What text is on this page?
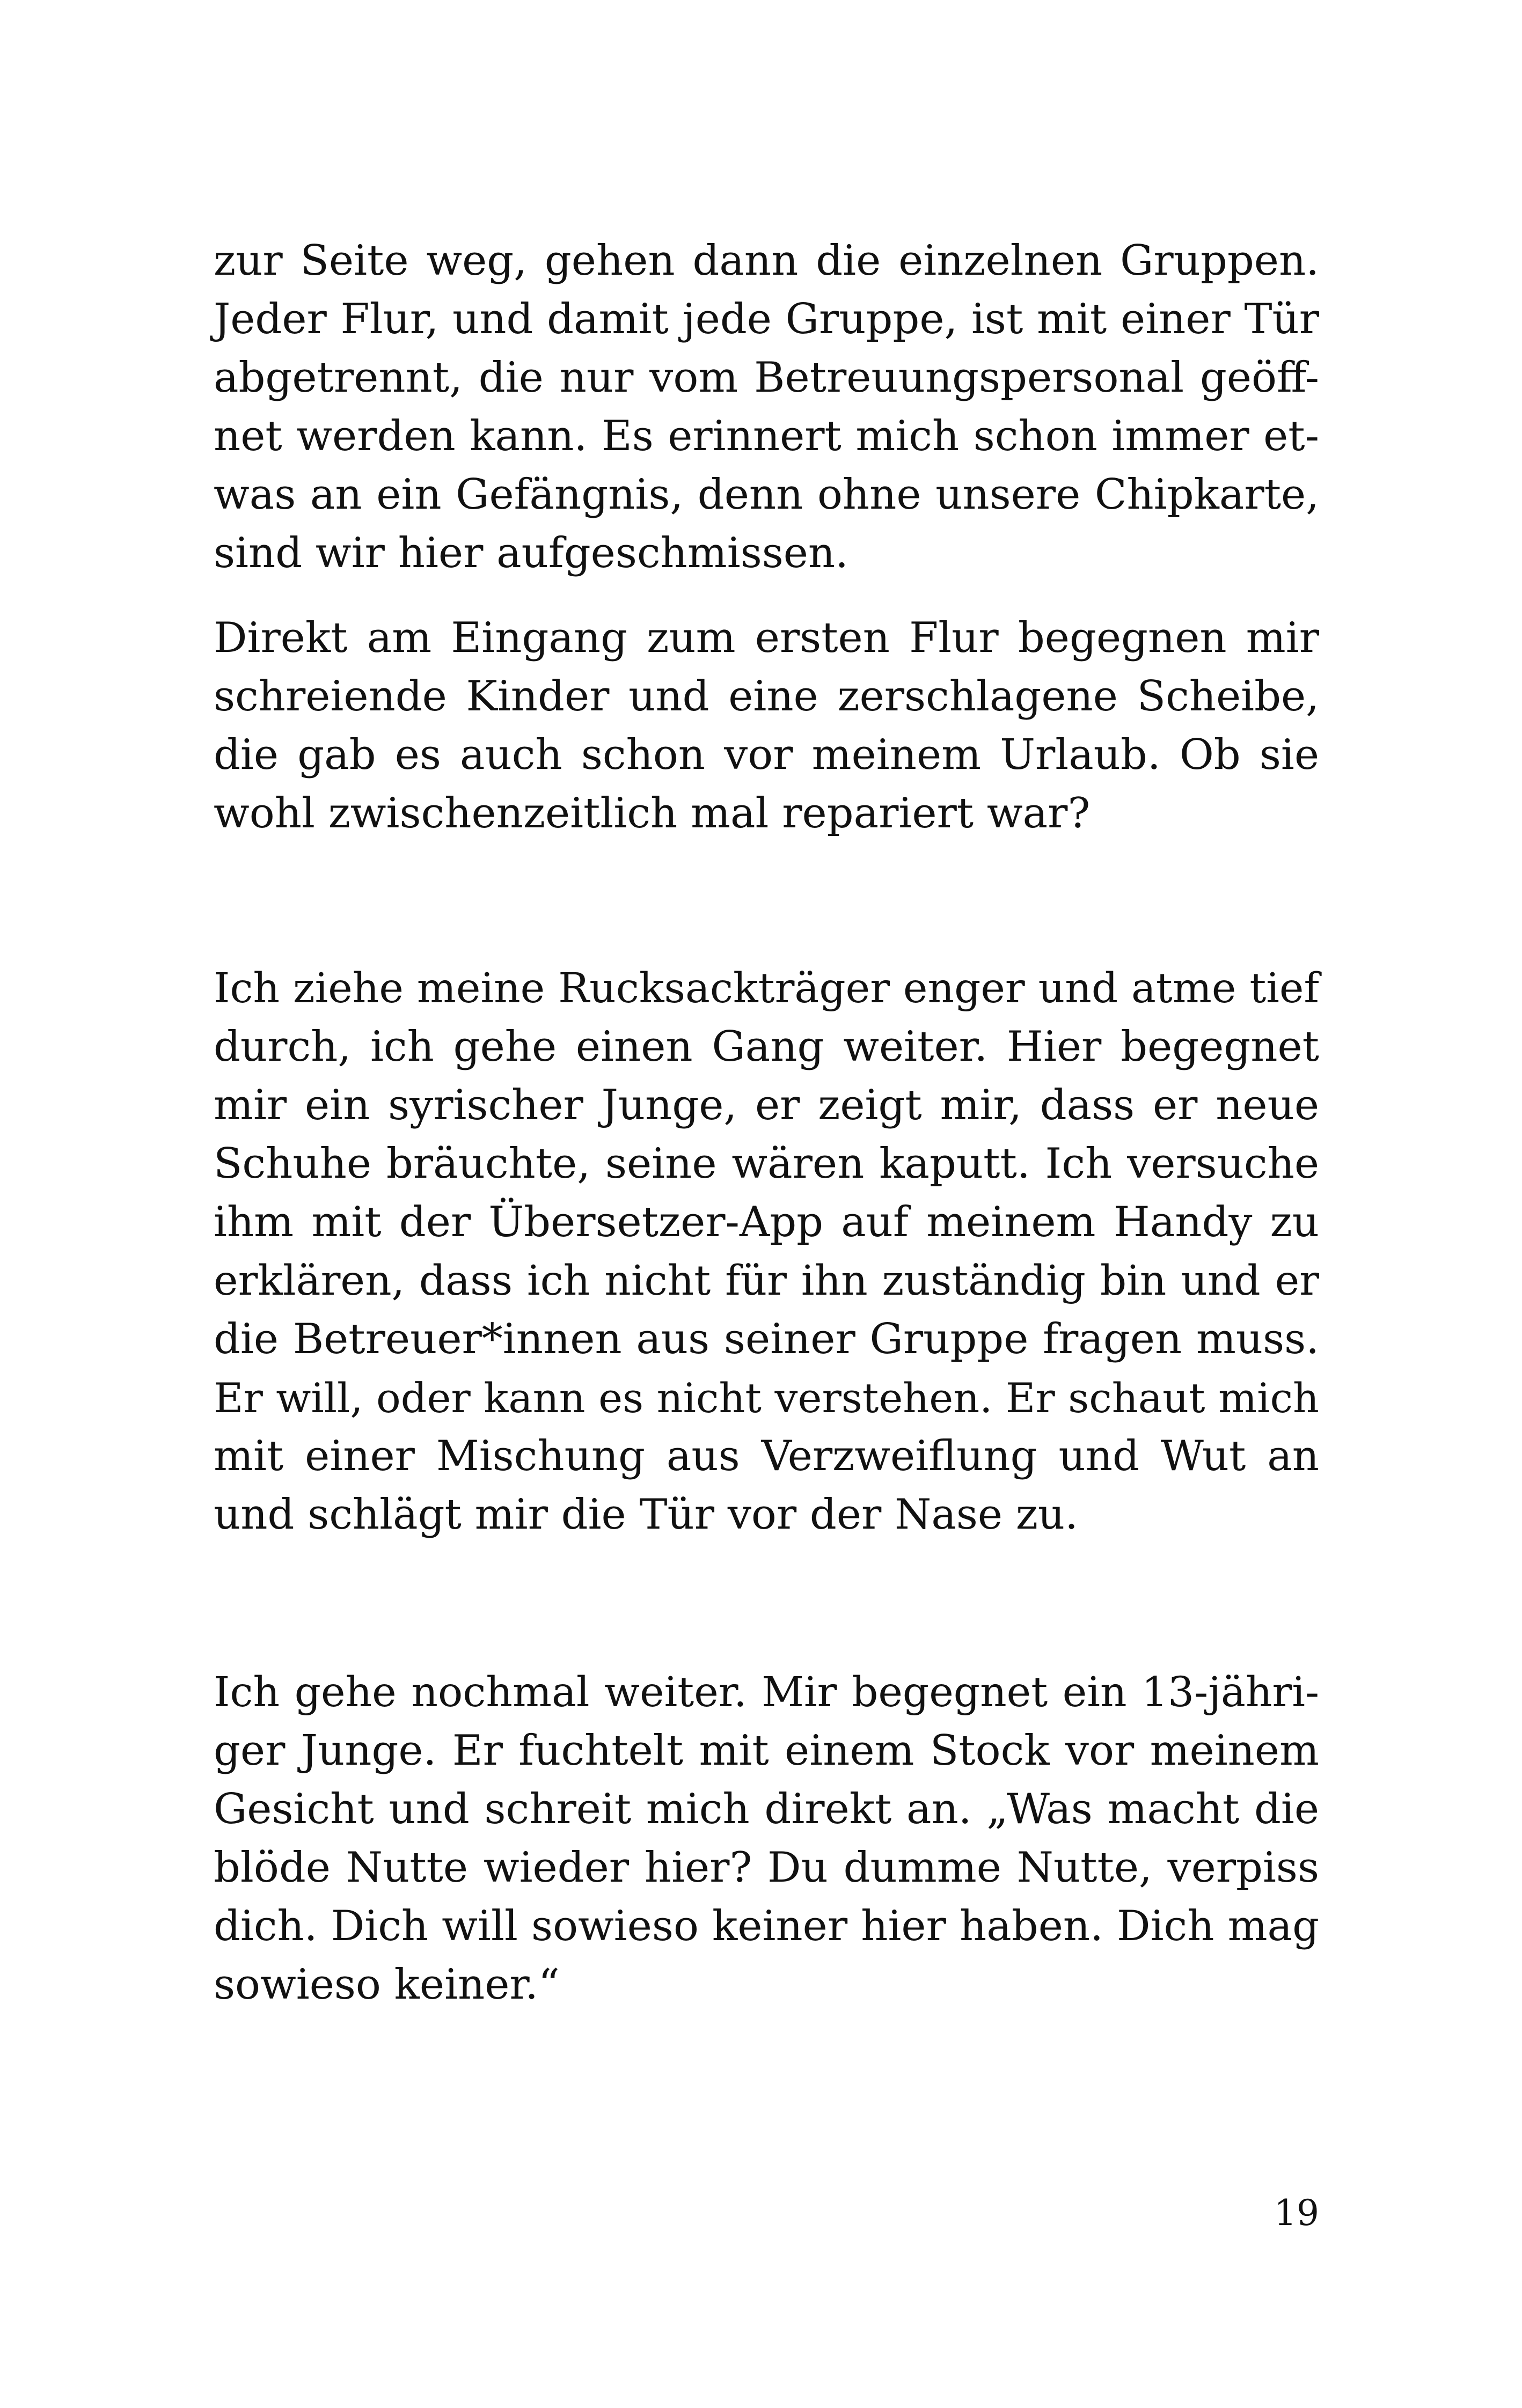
zur Seite weg, gehen dann die einzelnen Gruppen.
Jeder Flur, und damit jede Gruppe, ist mit einer Tür
abgetrennt, die nur vom Betreuungspersonal geöff-
net werden kann. Es erinnert mich schon immer et-
was an ein Gefängnis, denn ohne unsere Chipkarte,
sind wir hier aufgeschmissen.
Direkt am Eingang zum ersten Flur begegnen mir
schreiende Kinder und eine zerschlagene Scheibe,
die gab es auch schon vor meinem Urlaub. Ob sie
wohl zwischenzeitlich mal repariert war?
Ich ziehe meine Rucksackträger enger und atme tief
durch, ich gehe einen Gang weiter. Hier begegnet
mir ein syrischer Junge, er zeigt mir, dass er neue
Schuhe bräuchte, seine wären kaputt. Ich versuche
ihm mit der Übersetzer-App auf meinem Handy zu
erklären, dass ich nicht für ihn zuständig bin und er
die Betreuer*innen aus seiner Gruppe fragen muss.
Er will, oder kann es nicht verstehen. Er schaut mich
mit einer Mischung aus Verzweiflung und Wut an
und schlägt mir die Tür vor der Nase zu.
Ich gehe nochmal weiter. Mir begegnet ein 13-jähri-
ger Junge. Er fuchtelt mit einem Stock vor meinem
Gesicht und schreit mich direkt an. „Was macht die
blöde Nutte wieder hier? Du dumme Nutte, verpiss
dich. Dich will sowieso keiner hier haben. Dich mag
sowieso keiner.“
19
